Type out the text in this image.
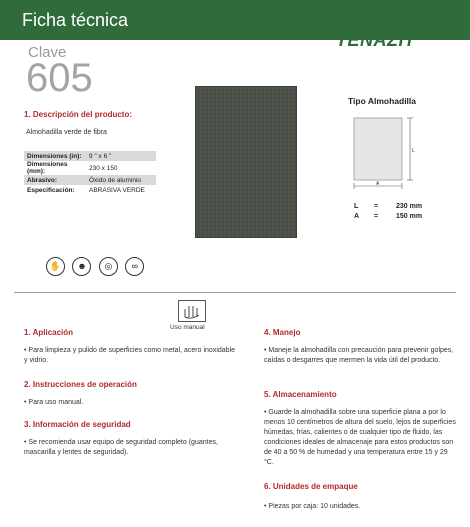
Ficha técnica
TENAZIT®
Clave
605
1. Descripción del producto:
Almohadilla verde de fibra
Dimensiones (in):	9 " x 6 "
Dimensiones (mm):	230 x 150
Abrasivo:	Óxido de aluminio
Especificación:	ABRASIVA VERDE
Tipo Almohadilla
L
A
L =	230 mm
A =	150 mm
✋ ☻ ◎ ∞
Uso manual
1. Aplicación
• Para limpieza y pulido de superficies como metal, acero inoxidable y vidrio.
2. Instrucciones de operación
• Para uso manual.
3. Información de seguridad
• Se recomienda usar equipo de seguridad completo (guantes, mascarilla y lentes de seguridad).
4. Manejo
• Maneje la almohadilla con precaución para prevenir golpes, caídas o desgarres que mermen la vida útil del producto.
5. Almacenamiento
• Guarde la almohadilla sobre una superficie plana a por lo menos 10 centímetros de altura del suelo, lejos de superficies húmedas, frías, calientes o de cualquier tipo de fluido, las condiciones ideales de almacenaje para estos productos son de 40 a 50 % de humedad y una temperatura entre 15 y 29 °C.
6. Unidades de empaque
• Piezas por caja: 10 unidades.
